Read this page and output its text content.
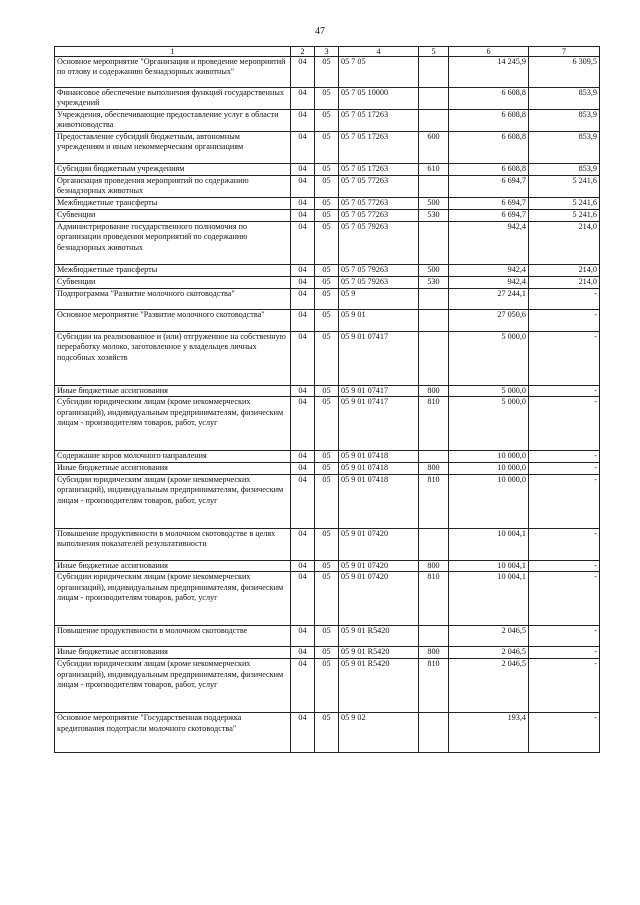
47
1	2	3	4	5	6	7
Основное мероприятие "Организация и проведение мероприятий по отлову и содержанию безнадзорных животных"	04	05	05 7 05		14 245,9	6 309,5
Финансовое обеспечение выполнения функций государственных учреждений	04	05	05 7 05 10000		6 608,8	853,9
Учреждения, обеспечивающие предоставление услуг в области животноводства	04	05	05 7 05 17263		6 608,8	853,9
Предоставление субсидий бюджетным, автономным учреждениям и иным некоммерческим организациям	04	05	05 7 05 17263	600	6 608,8	853,9
Субсидии бюджетным учреждениям	04	05	05 7 05 17263	610	6 608,8	853,9
Организация проведения мероприятий по содержанию безнадзорных животных	04	05	05 7 05 77263		6 694,7	5 241,6
Межбюджетные трансферты	04	05	05 7 05 77263	500	6 694,7	5 241,6
Субвенции	04	05	05 7 05 77263	530	6 694,7	5 241,6
Администрирование государственного полномочия по организации проведения мероприятий по содержанию безнадзорных животных	04	05	05 7 05 79263		942,4	214,0
Межбюджетные трансферты	04	05	05 7 05 79263	500	942,4	214,0
Субвенции	04	05	05 7 05 79263	530	942,4	214,0
Подпрограмма "Развитие молочного скотоводства"	04	05	05 9		27 244,1	-
Основное мероприятие "Развитие молочного скотоводства"	04	05	05 9 01		27 050,6	-
Субсидии на реализованное и (или) отгруженное на собственную переработку молоко, заготовленное у владельцев личных подсобных хозяйств	04	05	05 9 01 07417		5 000,0	-
Иные бюджетные ассигнования	04	05	05 9 01 07417	800	5 000,0	-
Субсидии юридическим лицам (кроме некоммерческих организаций), индивидуальным предпринимателям, физическим лицам - производителям товаров, работ, услуг	04	05	05 9 01 07417	810	5 000,0	-
Содержание коров молочного направления	04	05	05 9 01 07418		10 000,0	-
Иные бюджетные ассигнования	04	05	05 9 01 07418	800	10 000,0	-
Субсидии юридическим лицам (кроме некоммерческих организаций), индивидуальным предпринимателям, физическим лицам - производителям товаров, работ, услуг	04	05	05 9 01 07418	810	10 000,0	-
Повышение продуктивности в молочном скотоводстве в целях выполнения показателей результативности	04	05	05 9 01 07420		10 004,1	-
Иные бюджетные ассигнования	04	05	05 9 01 07420	800	10 004,1	-
Субсидии юридическим лицам (кроме некоммерческих организаций), индивидуальным предпринимателям, физическим лицам - производителям товаров, работ, услуг	04	05	05 9 01 07420	810	10 004,1	-
Повышение продуктивности в молочном скотоводстве	04	05	05 9 01 R5420		2 046,5	-
Иные бюджетные ассигнования	04	05	05 9 01 R5420	800	2 046,5	-
Субсидии юридическим лицам (кроме некоммерческих организаций), индивидуальным предпринимателям, физическим лицам - производителям товаров, работ, услуг	04	05	05 9 01 R5420	810	2 046,5	-
Основное мероприятие "Государственная поддержка кредитования подотрасли молочного скотоводства"	04	05	05 9 02		193,4	-
